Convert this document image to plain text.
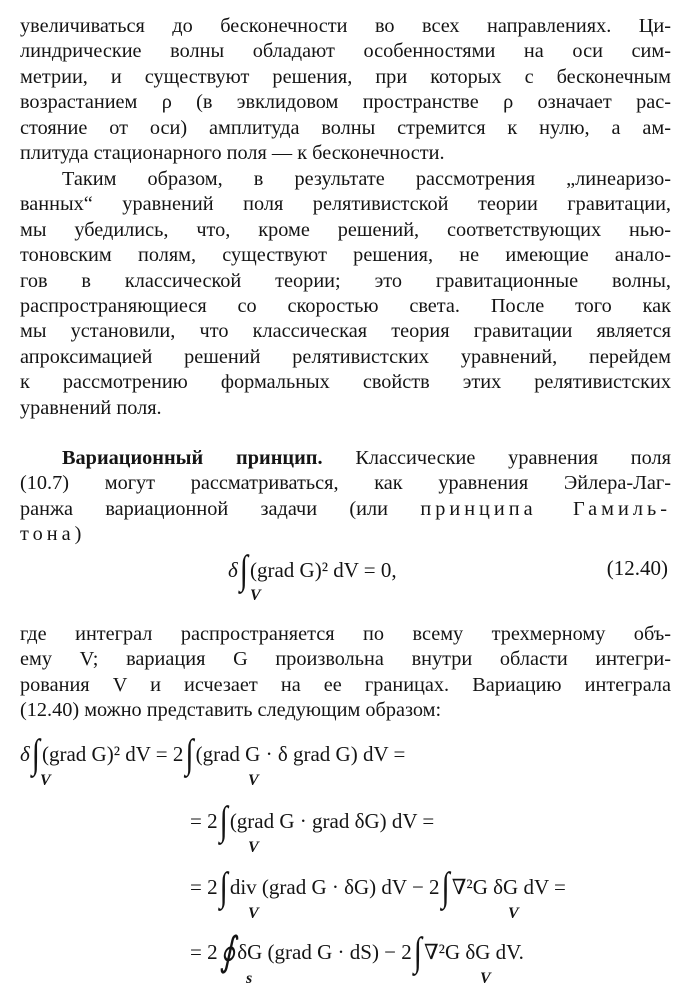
увеличиваться до бесконечности во всех направлениях. Ци-
линдрические волны обладают особенностями на оси сим-
метрии, и существуют решения, при которых с бесконечным
возрастанием ρ (в эвклидовом пространстве ρ означает рас-
стояние от оси) амплитуда волны стремится к нулю, а ам-
плитуда стационарного поля — к бесконечности.
Таким образом, в результате рассмотрения „линеаризо-
ванных“ уравнений поля релятивистской теории гравитации,
мы убедились, что, кроме решений, соответствующих нью-
тоновским полям, существуют решения, не имеющие анало-
гов в классической теории; это гравитационные волны,
распространяющиеся со скоростью света. После того как
мы установили, что классическая теория гравитации является
апроксимацией решений релятивистских уравнений, перейдем
к рассмотрению формальных свойств этих релятивистских
уравнений поля.
Вариационный принцип. Классические уравнения поля
(10.7) могут рассматриваться, как уравнения Эйлера-Лаг-
ранжа вариационной задачи (или принципа Гамиль-
тона)
δ∫(grad G)² dV = 0,
V
(12.40)
где интеграл распространяется по всему трехмерному объ-
ему V; вариация G произвольна внутри области интегри-
рования V и исчезает на ее границах. Вариацию интеграла
(12.40) можно представить следующим образом:
δ∫(grad G)² dV = 2∫(grad G · δ grad G) dV =
V	V
= 2∫(grad G · grad δG) dV =
V
= 2∫div (grad G · δG) dV − 2∫∇²G δG dV =
V	V
= 2∮δG (grad G · dS) − 2∫∇²G δG dV.
s	V
